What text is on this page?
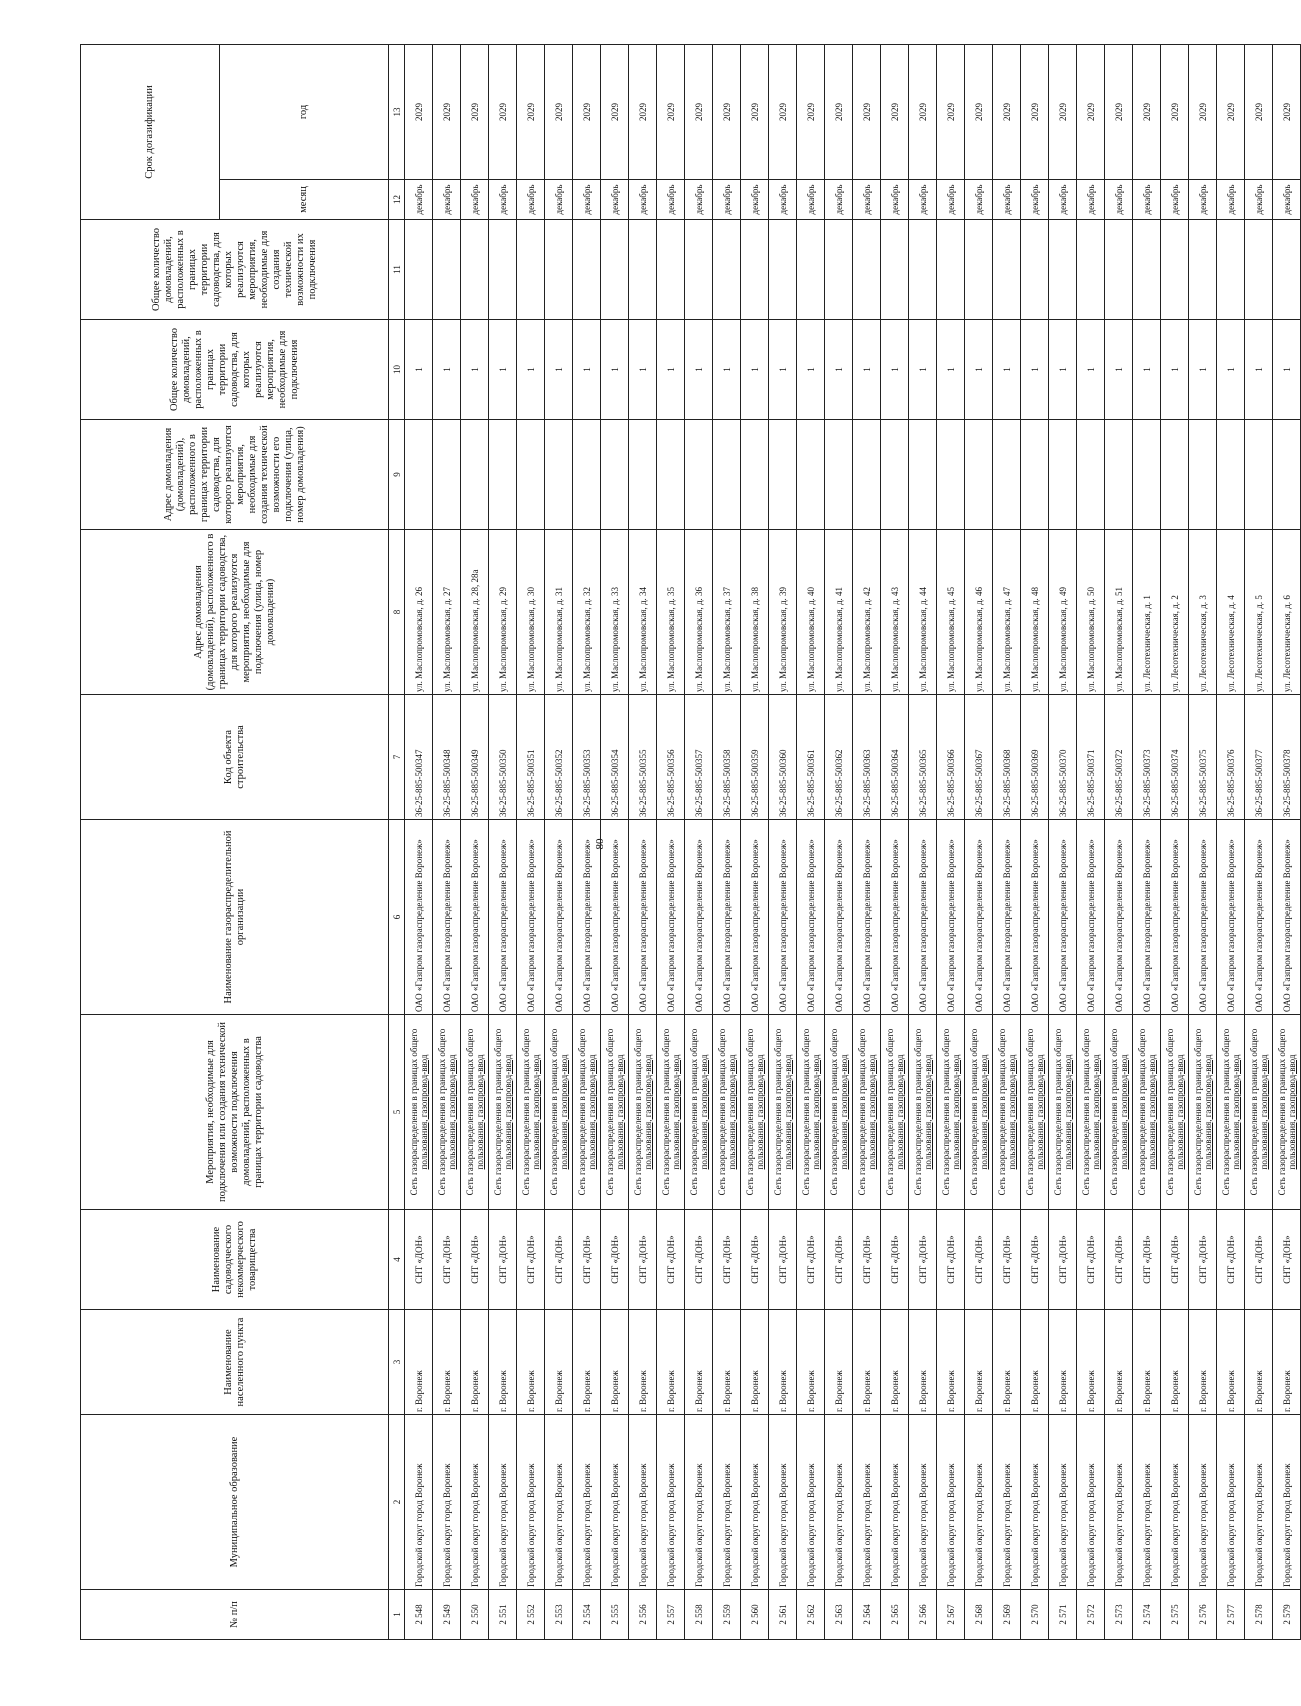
80
№ п/п	Муниципальное образование	Наименование населенного пункта	Наименование садоводческого некоммерческого товарищества	Мероприятия, необходимые для подключения или создания технической возможности подключения домовладений, расположенных в границах территории садоводства	Наименование газораспределительной организации	Код объекта строительства	Адрес домовладения (домовладений), расположенного в границах территории садоводства, для которого реализуются мероприятия, необходимые для подключения (улица, номер домовладения)	Адрес домовладения (домовладений), расположенного в границах территории садоводства, для которого реализуются мероприятия, необходимые для создания технической возможности его подключения (улица, номер домовладения)	Общее количество домовладений, расположенных в границах территории садоводства, для которых реализуются мероприятия, необходимые для подключения	Общее количество домовладений, расположенных в границах территории садоводства, для которых реализуются мероприятия, необходимые для создания технической возможности их подключения	Срок догазификации	
											месяц	год
1	2	3	4	5	6	7	8	9	10	11	12	13
2 548	Городской округ город Воронеж	г. Воронеж	СНТ «ДОН»	Сеть газораспределения в границах общего пользования, газопровод-ввод	ОАО «Газпром газораспределение Воронеж»	36-25-885-500347	ул. Маслопромовская, д. 26		1		декабрь	2029
2 549	Городской округ город Воронеж	г. Воронеж	СНТ «ДОН»	Сеть газораспределения в границах общего пользования, газопровод-ввод	ОАО «Газпром газораспределение Воронеж»	36-25-885-500348	ул. Маслопромовская, д. 27		1		декабрь	2029
2 550	Городской округ город Воронеж	г. Воронеж	СНТ «ДОН»	Сеть газораспределения в границах общего пользования, газопровод-ввод	ОАО «Газпром газораспределение Воронеж»	36-25-885-500349	ул. Маслопромовская, д. 28, 28а		1		декабрь	2029
2 551	Городской округ город Воронеж	г. Воронеж	СНТ «ДОН»	Сеть газораспределения в границах общего пользования, газопровод-ввод	ОАО «Газпром газораспределение Воронеж»	36-25-885-500350	ул. Маслопромовская, д. 29		1		декабрь	2029
2 552	Городской округ город Воронеж	г. Воронеж	СНТ «ДОН»	Сеть газораспределения в границах общего пользования, газопровод-ввод	ОАО «Газпром газораспределение Воронеж»	36-25-885-500351	ул. Маслопромовская, д. 30		1		декабрь	2029
2 553	Городской округ город Воронеж	г. Воронеж	СНТ «ДОН»	Сеть газораспределения в границах общего пользования, газопровод-ввод	ОАО «Газпром газораспределение Воронеж»	36-25-885-500352	ул. Маслопромовская, д. 31		1		декабрь	2029
2 554	Городской округ город Воронеж	г. Воронеж	СНТ «ДОН»	Сеть газораспределения в границах общего пользования, газопровод-ввод	ОАО «Газпром газораспределение Воронеж»	36-25-885-500353	ул. Маслопромовская, д. 32		1		декабрь	2029
2 555	Городской округ город Воронеж	г. Воронеж	СНТ «ДОН»	Сеть газораспределения в границах общего пользования, газопровод-ввод	ОАО «Газпром газораспределение Воронеж»	36-25-885-500354	ул. Маслопромовская, д. 33		1		декабрь	2029
2 556	Городской округ город Воронеж	г. Воронеж	СНТ «ДОН»	Сеть газораспределения в границах общего пользования, газопровод-ввод	ОАО «Газпром газораспределение Воронеж»	36-25-885-500355	ул. Маслопромовская, д. 34		1		декабрь	2029
2 557	Городской округ город Воронеж	г. Воронеж	СНТ «ДОН»	Сеть газораспределения в границах общего пользования, газопровод-ввод	ОАО «Газпром газораспределение Воронеж»	36-25-885-500356	ул. Маслопромовская, д. 35		1		декабрь	2029
2 558	Городской округ город Воронеж	г. Воронеж	СНТ «ДОН»	Сеть газораспределения в границах общего пользования, газопровод-ввод	ОАО «Газпром газораспределение Воронеж»	36-25-885-500357	ул. Маслопромовская, д. 36		1		декабрь	2029
2 559	Городской округ город Воронеж	г. Воронеж	СНТ «ДОН»	Сеть газораспределения в границах общего пользования, газопровод-ввод	ОАО «Газпром газораспределение Воронеж»	36-25-885-500358	ул. Маслопромовская, д. 37		1		декабрь	2029
2 560	Городской округ город Воронеж	г. Воронеж	СНТ «ДОН»	Сеть газораспределения в границах общего пользования, газопровод-ввод	ОАО «Газпром газораспределение Воронеж»	36-25-885-500359	ул. Маслопромовская, д. 38		1		декабрь	2029
2 561	Городской округ город Воронеж	г. Воронеж	СНТ «ДОН»	Сеть газораспределения в границах общего пользования, газопровод-ввод	ОАО «Газпром газораспределение Воронеж»	36-25-885-500360	ул. Маслопромовская, д. 39		1		декабрь	2029
2 562	Городской округ город Воронеж	г. Воронеж	СНТ «ДОН»	Сеть газораспределения в границах общего пользования, газопровод-ввод	ОАО «Газпром газораспределение Воронеж»	36-25-885-500361	ул. Маслопромовская, д. 40		1		декабрь	2029
2 563	Городской округ город Воронеж	г. Воронеж	СНТ «ДОН»	Сеть газораспределения в границах общего пользования, газопровод-ввод	ОАО «Газпром газораспределение Воронеж»	36-25-885-500362	ул. Маслопромовская, д. 41		1		декабрь	2029
2 564	Городской округ город Воронеж	г. Воронеж	СНТ «ДОН»	Сеть газораспределения в границах общего пользования, газопровод-ввод	ОАО «Газпром газораспределение Воронеж»	36-25-885-500363	ул. Маслопромовская, д. 42		1		декабрь	2029
2 565	Городской округ город Воронеж	г. Воронеж	СНТ «ДОН»	Сеть газораспределения в границах общего пользования, газопровод-ввод	ОАО «Газпром газораспределение Воронеж»	36-25-885-500364	ул. Маслопромовская, д. 43		1		декабрь	2029
2 566	Городской округ город Воронеж	г. Воронеж	СНТ «ДОН»	Сеть газораспределения в границах общего пользования, газопровод-ввод	ОАО «Газпром газораспределение Воронеж»	36-25-885-500365	ул. Маслопромовская, д. 44		1		декабрь	2029
2 567	Городской округ город Воронеж	г. Воронеж	СНТ «ДОН»	Сеть газораспределения в границах общего пользования, газопровод-ввод	ОАО «Газпром газораспределение Воронеж»	36-25-885-500366	ул. Маслопромовская, д. 45		1		декабрь	2029
2 568	Городской округ город Воронеж	г. Воронеж	СНТ «ДОН»	Сеть газораспределения в границах общего пользования, газопровод-ввод	ОАО «Газпром газораспределение Воронеж»	36-25-885-500367	ул. Маслопромовская, д. 46		1		декабрь	2029
2 569	Городской округ город Воронеж	г. Воронеж	СНТ «ДОН»	Сеть газораспределения в границах общего пользования, газопровод-ввод	ОАО «Газпром газораспределение Воронеж»	36-25-885-500368	ул. Маслопромовская, д. 47		1		декабрь	2029
2 570	Городской округ город Воронеж	г. Воронеж	СНТ «ДОН»	Сеть газораспределения в границах общего пользования, газопровод-ввод	ОАО «Газпром газораспределение Воронеж»	36-25-885-500369	ул. Маслопромовская, д. 48		1		декабрь	2029
2 571	Городской округ город Воронеж	г. Воронеж	СНТ «ДОН»	Сеть газораспределения в границах общего пользования, газопровод-ввод	ОАО «Газпром газораспределение Воронеж»	36-25-885-500370	ул. Маслопромовская, д. 49		1		декабрь	2029
2 572	Городской округ город Воронеж	г. Воронеж	СНТ «ДОН»	Сеть газораспределения в границах общего пользования, газопровод-ввод	ОАО «Газпром газораспределение Воронеж»	36-25-885-500371	ул. Маслопромовская, д. 50		1		декабрь	2029
2 573	Городской округ город Воронеж	г. Воронеж	СНТ «ДОН»	Сеть газораспределения в границах общего пользования, газопровод-ввод	ОАО «Газпром газораспределение Воронеж»	36-25-885-500372	ул. Маслопромовская, д. 51		1		декабрь	2029
2 574	Городской округ город Воронеж	г. Воронеж	СНТ «ДОН»	Сеть газораспределения в границах общего пользования, газопровод-ввод	ОАО «Газпром газораспределение Воронеж»	36-25-885-500373	ул. Лесотехническая, д. 1		1		декабрь	2029
2 575	Городской округ город Воронеж	г. Воронеж	СНТ «ДОН»	Сеть газораспределения в границах общего пользования, газопровод-ввод	ОАО «Газпром газораспределение Воронеж»	36-25-885-500374	ул. Лесотехническая, д. 2		1		декабрь	2029
2 576	Городской округ город Воронеж	г. Воронеж	СНТ «ДОН»	Сеть газораспределения в границах общего пользования, газопровод-ввод	ОАО «Газпром газораспределение Воронеж»	36-25-885-500375	ул. Лесотехническая, д. 3		1		декабрь	2029
2 577	Городской округ город Воронеж	г. Воронеж	СНТ «ДОН»	Сеть газораспределения в границах общего пользования, газопровод-ввод	ОАО «Газпром газораспределение Воронеж»	36-25-885-500376	ул. Лесотехническая, д. 4		1		декабрь	2029
2 578	Городской округ город Воронеж	г. Воронеж	СНТ «ДОН»	Сеть газораспределения в границах общего пользования, газопровод-ввод	ОАО «Газпром газораспределение Воронеж»	36-25-885-500377	ул. Лесотехническая, д. 5		1		декабрь	2029
2 579	Городской округ город Воронеж	г. Воронеж	СНТ «ДОН»	Сеть газораспределения в границах общего пользования, газопровод-ввод	ОАО «Газпром газораспределение Воронеж»	36-25-885-500378	ул. Лесотехническая, д. 6		1		декабрь	2029
